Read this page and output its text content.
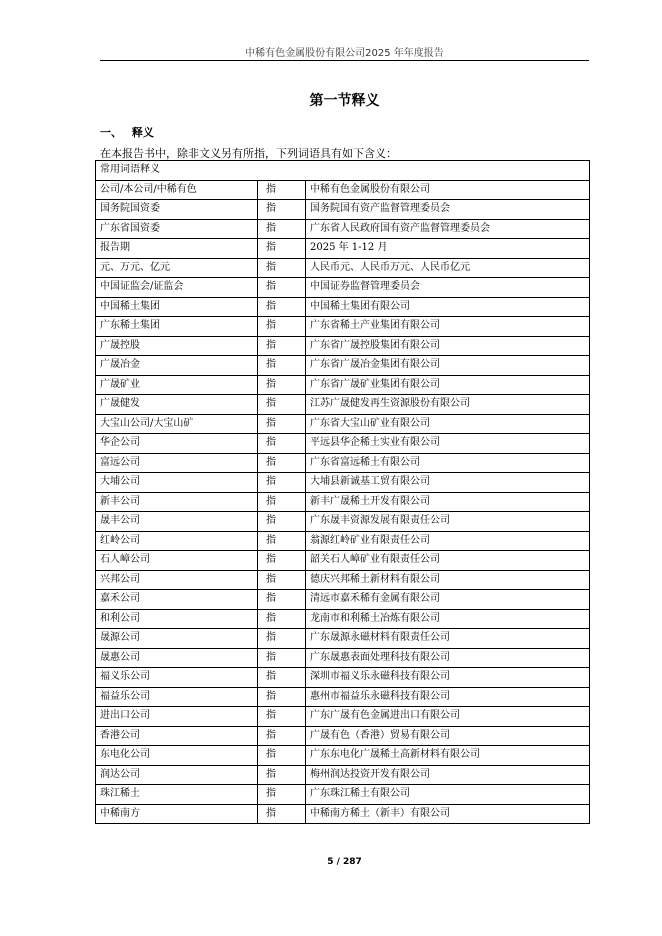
中稀有色金属股份有限公司2025 年年度报告
第一节释义
一、 释义
在本报告书中，除非文义另有所指，下列词语具有如下含义：
常用词语释义		
公司/本公司/中稀有色	指	中稀有色金属股份有限公司
国务院国资委	指	国务院国有资产监督管理委员会
广东省国资委	指	广东省人民政府国有资产监督管理委员会
报告期	指	2025 年 1-12 月
元、万元、亿元	指	人民币元、人民币万元、人民币亿元
中国证监会/证监会	指	中国证券监督管理委员会
中国稀土集团	指	中国稀土集团有限公司
广东稀土集团	指	广东省稀土产业集团有限公司
广晟控股	指	广东省广晟控股集团有限公司
广晟冶金	指	广东省广晟冶金集团有限公司
广晟矿业	指	广东省广晟矿业集团有限公司
广晟健发	指	江苏广晟健发再生资源股份有限公司
大宝山公司/大宝山矿	指	广东省大宝山矿业有限公司
华企公司	指	平远县华企稀土实业有限公司
富远公司	指	广东省富远稀土有限公司
大埔公司	指	大埔县新诚基工贸有限公司
新丰公司	指	新丰广晟稀土开发有限公司
晟丰公司	指	广东晟丰资源发展有限责任公司
红岭公司	指	翁源红岭矿业有限责任公司
石人嶂公司	指	韶关石人嶂矿业有限责任公司
兴邦公司	指	德庆兴邦稀土新材料有限公司
嘉禾公司	指	清远市嘉禾稀有金属有限公司
和利公司	指	龙南市和利稀土冶炼有限公司
晟源公司	指	广东晟源永磁材料有限责任公司
晟惠公司	指	广东晟惠表面处理科技有限公司
福义乐公司	指	深圳市福义乐永磁科技有限公司
福益乐公司	指	惠州市福益乐永磁科技有限公司
进出口公司	指	广东广晟有色金属进出口有限公司
香港公司	指	广晟有色（香港）贸易有限公司
东电化公司	指	广东东电化广晟稀土高新材料有限公司
润达公司	指	梅州润达投资开发有限公司
珠江稀土	指	广东珠江稀土有限公司
中稀南方	指	中稀南方稀土（新丰）有限公司
5 / 287
